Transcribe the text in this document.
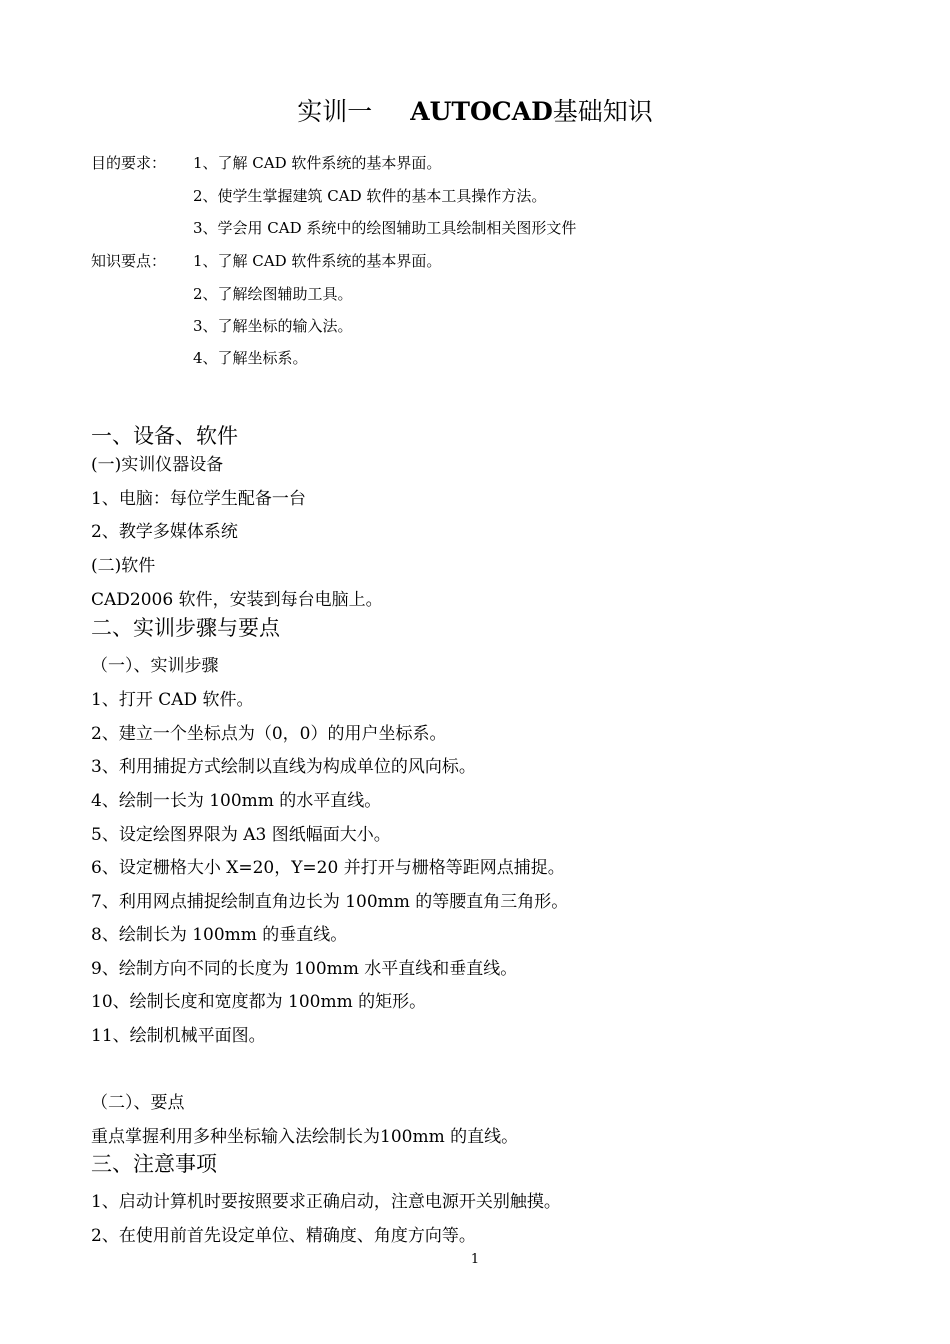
实训一 AUTOCAD基础知识
目的要求： 1、了解 CAD 软件系统的基本界面。
2、使学生掌握建筑 CAD 软件的基本工具操作方法。
3、学会用 CAD 系统中的绘图辅助工具绘制相关图形文件
知识要点： 1、了解 CAD 软件系统的基本界面。
2、了解绘图辅助工具。
3、了解坐标的输入法。
4、了解坐标系。
一、设备、软件
(一)实训仪器设备
1、电脑：每位学生配备一台
2、教学多媒体系统
(二)软件
CAD2006 软件，安装到每台电脑上。
二、实训步骤与要点
（一）、实训步骤
1、打开 CAD 软件。
2、建立一个坐标点为（0，0）的用户坐标系。
3、利用捕捉方式绘制以直线为构成单位的风向标。
4、绘制一长为 100mm 的水平直线。
5、设定绘图界限为 A3 图纸幅面大小。
6、设定栅格大小 X=20，Y=20 并打开与栅格等距网点捕捉。
7、利用网点捕捉绘制直角边长为 100mm 的等腰直角三角形。
8、绘制长为 100mm 的垂直线。
9、绘制方向不同的长度为 100mm 水平直线和垂直线。
10、绘制长度和宽度都为 100mm 的矩形。
11、绘制机械平面图。
（二）、要点
重点掌握利用多种坐标输入法绘制长为100mm 的直线。
三、注意事项
1、启动计算机时要按照要求正确启动，注意电源开关别触摸。
2、在使用前首先设定单位、精确度、角度方向等。
1
